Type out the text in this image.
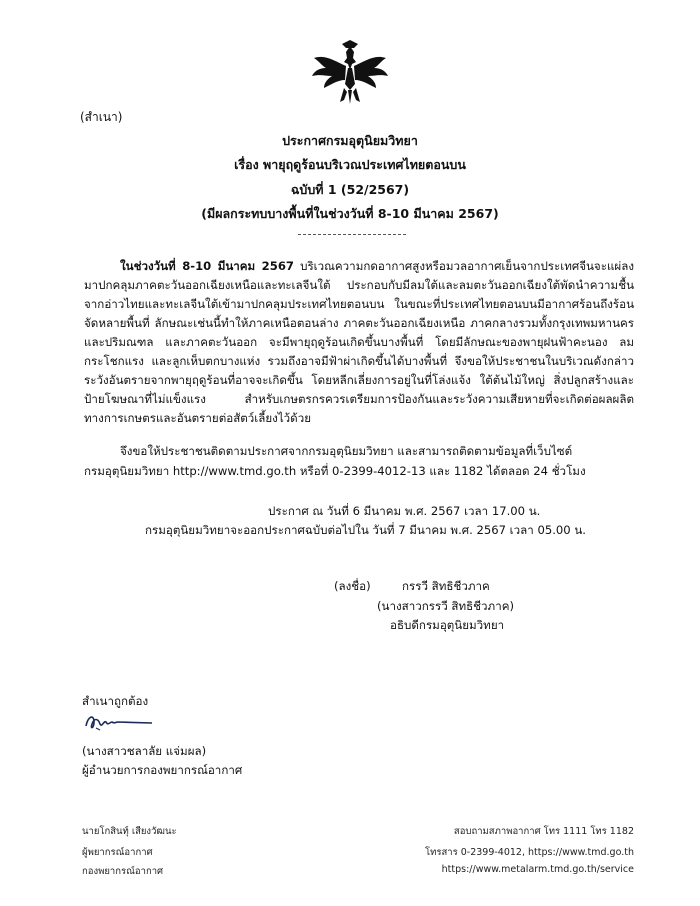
(สำเนา)
ประกาศกรมอุตุนิยมวิทยา
เรื่อง พายุฤดูร้อนบริเวณประเทศไทยตอนบน
ฉบับที่ 1 (52/2567)
(มีผลกระทบบางพื้นที่ในช่วงวันที่ 8-10 มีนาคม 2567)
ในช่วงวันที่ 8-10 มีนาคม 2567 บริเวณความกดอากาศสูงหรือมวลอากาศเย็นจากประเทศจีนจะแผ่ลงมาปกคลุมภาคตะวันออกเฉียงเหนือและทะเลจีนใต้ ประกอบกับมีลมใต้และลมตะวันออกเฉียงใต้พัดนำความชื้นจากอ่าวไทยและทะเลจีนใต้เข้ามาปกคลุมประเทศไทยตอนบน ในขณะที่ประเทศไทยตอนบนมีอากาศร้อนถึงร้อนจัดหลายพื้นที่ ลักษณะเช่นนี้ทำให้ภาคเหนือตอนล่าง ภาคตะวันออกเฉียงเหนือ ภาคกลางรวมทั้งกรุงเทพมหานครและปริมณฑล และภาคตะวันออก จะมีพายุฤดูร้อนเกิดขึ้นบางพื้นที่ โดยมีลักษณะของพายุฝนฟ้าคะนอง ลมกระโชกแรง และลูกเห็บตกบางแห่ง รวมถึงอาจมีฟ้าผ่าเกิดขึ้นได้บางพื้นที่ จึงขอให้ประชาชนในบริเวณดังกล่าวระวังอันตรายจากพายุฤดูร้อนที่อาจจะเกิดขึ้น โดยหลีกเลี่ยงการอยู่ในที่โล่งแจ้ง ใต้ต้นไม้ใหญ่ สิ่งปลูกสร้างและป้ายโฆษณาที่ไม่แข็งแรง สำหรับเกษตรกรควรเตรียมการป้องกันและระวังความเสียหายที่จะเกิดต่อผลผลิตทางการเกษตรและอันตรายต่อสัตว์เลี้ยงไว้ด้วย
จึงขอให้ประชาชนติดตามประกาศจากกรมอุตุนิยมวิทยา และสามารถติดตามข้อมูลที่เว็บไซต์
กรมอุตุนิยมวิทยา http://www.tmd.go.th หรือที่ 0-2399-4012-13 และ 1182 ได้ตลอด 24 ชั่วโมง
ประกาศ ณ วันที่ 6 มีนาคม พ.ศ. 2567 เวลา 17.00 น.
กรมอุตุนิยมวิทยาจะออกประกาศฉบับต่อไปใน วันที่ 7 มีนาคม พ.ศ. 2567 เวลา 05.00 น.
(ลงชื่อ)	กรรวี สิทธิชีวภาค
(นางสาวกรรวี สิทธิชีวภาค)
อธิบดีกรมอุตุนิยมวิทยา
สำเนาถูกต้อง
(นางสาวชลาลัย แจ่มผล)
ผู้อำนวยการกองพยากรณ์อากาศ
นายโกสินทุ์ เสียงวัฒนะ
ผู้พยากรณ์อากาศ
กองพยากรณ์อากาศ
สอบถามสภาพอากาศ โทร 1111 โทร 1182
โทรสาร 0-2399-4012, https://www.tmd.go.th
https://www.metalarm.tmd.go.th/service
